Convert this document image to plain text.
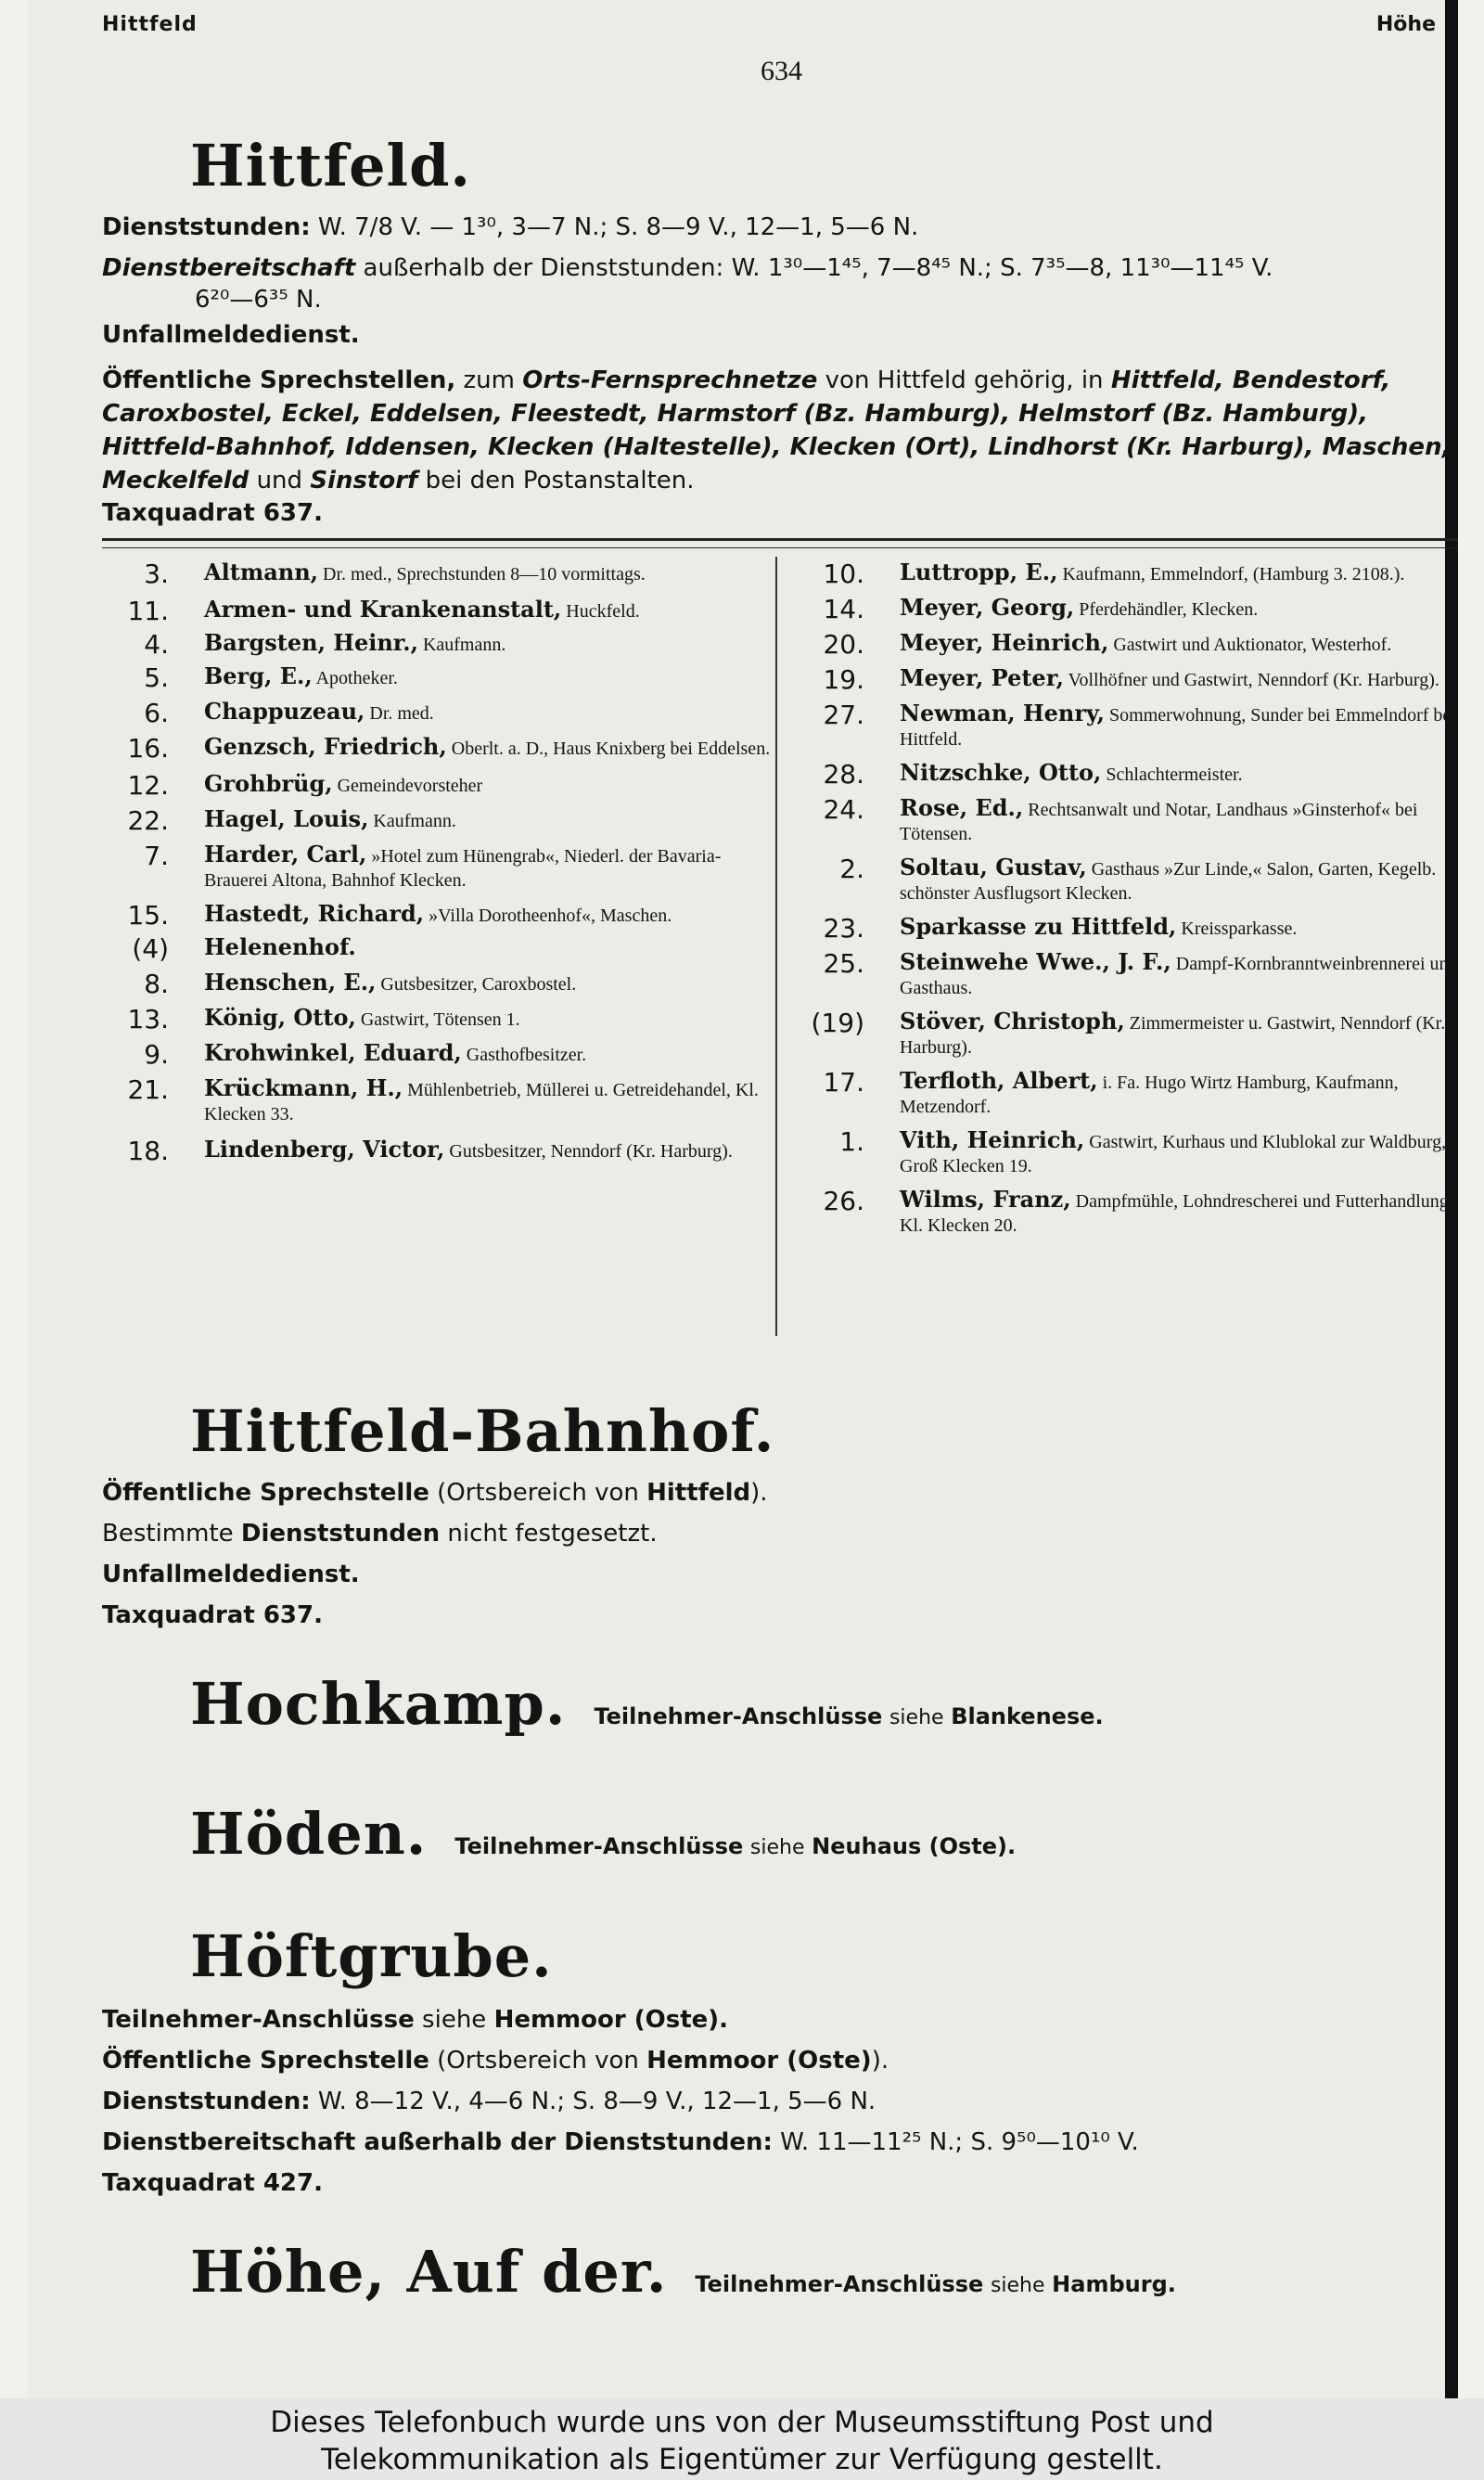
Hittfeld	Höhe
634
Hittfeld.
Dienststunden: W. 7/8 V. — 1³⁰, 3—7 N.; S. 8—9 V., 12—1, 5—6 N.
Dienstbereitschaft außerhalb der Dienststunden: W. 1³⁰—1⁴⁵, 7—8⁴⁵ N.; S. 7³⁵—8, 11³⁰—11⁴⁵ V.
6²⁰—6³⁵ N.
Unfallmeldedienst.
Öffentliche Sprechstellen, zum Orts-Fernsprechnetze von Hittfeld gehörig, in Hittfeld, Bendestorf, Caroxbostel, Eckel, Eddelsen, Fleestedt, Harmstorf (Bz. Hamburg), Helmstorf (Bz. Hamburg), Hittfeld-Bahnhof, Iddensen, Klecken (Haltestelle), Klecken (Ort), Lindhorst (Kr. Harburg), Maschen, Meckelfeld und Sinstorf bei den Postanstalten.
Taxquadrat 637.
3. Altmann, Dr. med., Sprechstunden 8—10 vormittags.
11. Armen- und Krankenanstalt, Huckfeld.
4. Bargsten, Heinr., Kaufmann.
5. Berg, E., Apotheker.
6. Chappuzeau, Dr. med.
16. Genzsch, Friedrich, Oberlt. a. D., Haus Knixberg bei Eddelsen.
12. Grohbrüg, Gemeindevorsteher
22. Hagel, Louis, Kaufmann.
7. Harder, Carl, »Hotel zum Hünengrab«, Niederl. der Bavaria-Brauerei Altona, Bahnhof Klecken.
15. Hastedt, Richard, »Villa Dorotheenhof«, Maschen.
(4) Helenenhof.
8. Henschen, E., Gutsbesitzer, Caroxbostel.
13. König, Otto, Gastwirt, Tötensen 1.
9. Krohwinkel, Eduard, Gasthofbesitzer.
21. Krückmann, H., Mühlenbetrieb, Müllerei u. Getreidehandel, Kl. Klecken 33.
18. Lindenberg, Victor, Gutsbesitzer, Nenndorf (Kr. Harburg).
10. Luttropp, E., Kaufmann, Emmelndorf, (Hamburg 3. 2108.).
14. Meyer, Georg, Pferdehändler, Klecken.
20. Meyer, Heinrich, Gastwirt und Auktionator, Westerhof.
19. Meyer, Peter, Vollhöfner und Gastwirt, Nenndorf (Kr. Harburg).
27. Newman, Henry, Sommerwohnung, Sunder bei Emmelndorf bei Hittfeld.
28. Nitzschke, Otto, Schlachtermeister.
24. Rose, Ed., Rechtsanwalt und Notar, Landhaus »Ginsterhof« bei Tötensen.
2. Soltau, Gustav, Gasthaus »Zur Linde,« Salon, Garten, Kegelb. schönster Ausflugsort Klecken.
23. Sparkasse zu Hittfeld, Kreissparkasse.
25. Steinwehe Wwe., J. F., Dampf-Kornbranntweinbrennerei und Gasthaus.
(19) Stöver, Christoph, Zimmermeister u. Gastwirt, Nenndorf (Kr. Harburg).
17. Terfloth, Albert, i. Fa. Hugo Wirtz Hamburg, Kaufmann, Metzendorf.
1. Vith, Heinrich, Gastwirt, Kurhaus und Klublokal zur Waldburg, Groß Klecken 19.
26. Wilms, Franz, Dampfmühle, Lohndrescherei und Futterhandlung, Kl. Klecken 20.
Hittfeld-Bahnhof.
Öffentliche Sprechstelle (Ortsbereich von Hittfeld).
Bestimmte Dienststunden nicht festgesetzt.
Unfallmeldedienst.
Taxquadrat 637.
Hochkamp. Teilnehmer-Anschlüsse siehe Blankenese.
Höden. Teilnehmer-Anschlüsse siehe Neuhaus (Oste).
Höftgrube.
Teilnehmer-Anschlüsse siehe Hemmoor (Oste).
Öffentliche Sprechstelle (Ortsbereich von Hemmoor (Oste)).
Dienststunden: W. 8—12 V., 4—6 N.; S. 8—9 V., 12—1, 5—6 N.
Dienstbereitschaft außerhalb der Dienststunden: W. 11—11²⁵ N.; S. 9⁵⁰—10¹⁰ V.
Taxquadrat 427.
Höhe, Auf der. Teilnehmer-Anschlüsse siehe Hamburg.
Dieses Telefonbuch wurde uns von der Museumsstiftung Post und
Telekommunikation als Eigentümer zur Verfügung gestellt.
